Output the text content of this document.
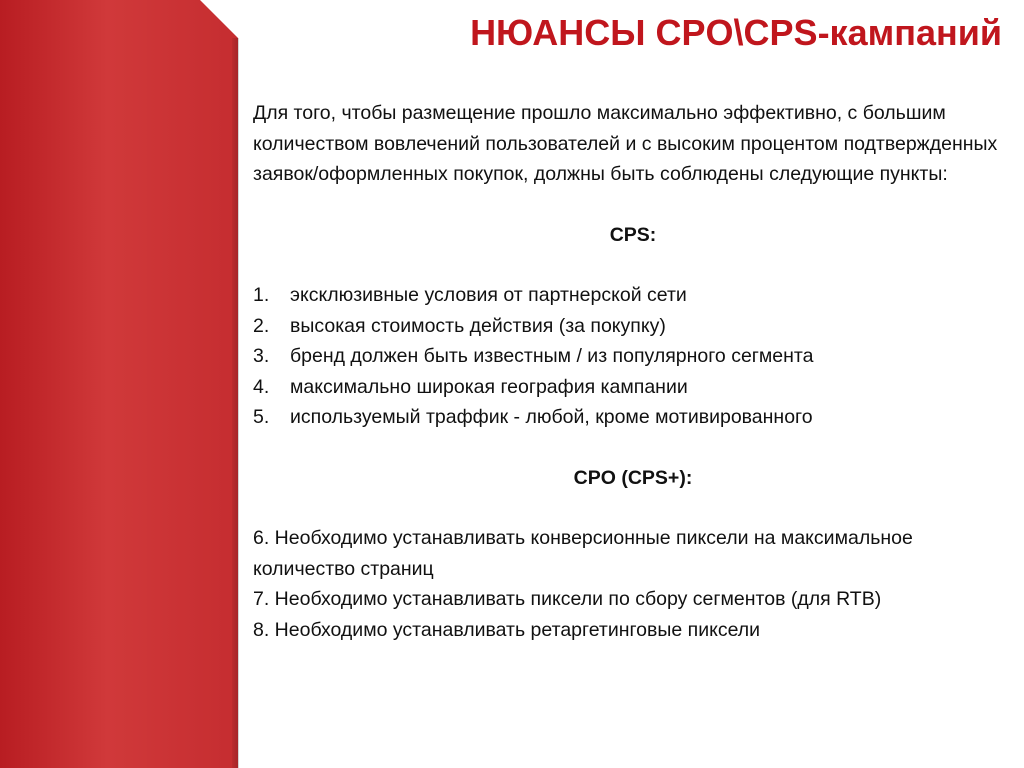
НЮАНСЫ CPO\CPS-кампаний

Для того, чтобы размещение прошло максимально эффективно, с большим количеством вовлечений пользователей и с высоким процентом подтвержденных заявок/оформленных покупок, должны быть соблюдены следующие пункты:

CPS:

1. эксклюзивные условия от партнерской сети
2. высокая стоимость действия (за покупку)
3. бренд должен быть известным / из популярного сегмента
4. максимально широкая география кампании
5. используемый траффик - любой, кроме мотивированного

CPO (CPS+):

6. Необходимо устанавливать конверсионные пиксели на максимальное количество страниц

7. Необходимо устанавливать пиксели по сбору сегментов (для RTB)

8. Необходимо устанавливать ретаргетинговые пиксели
